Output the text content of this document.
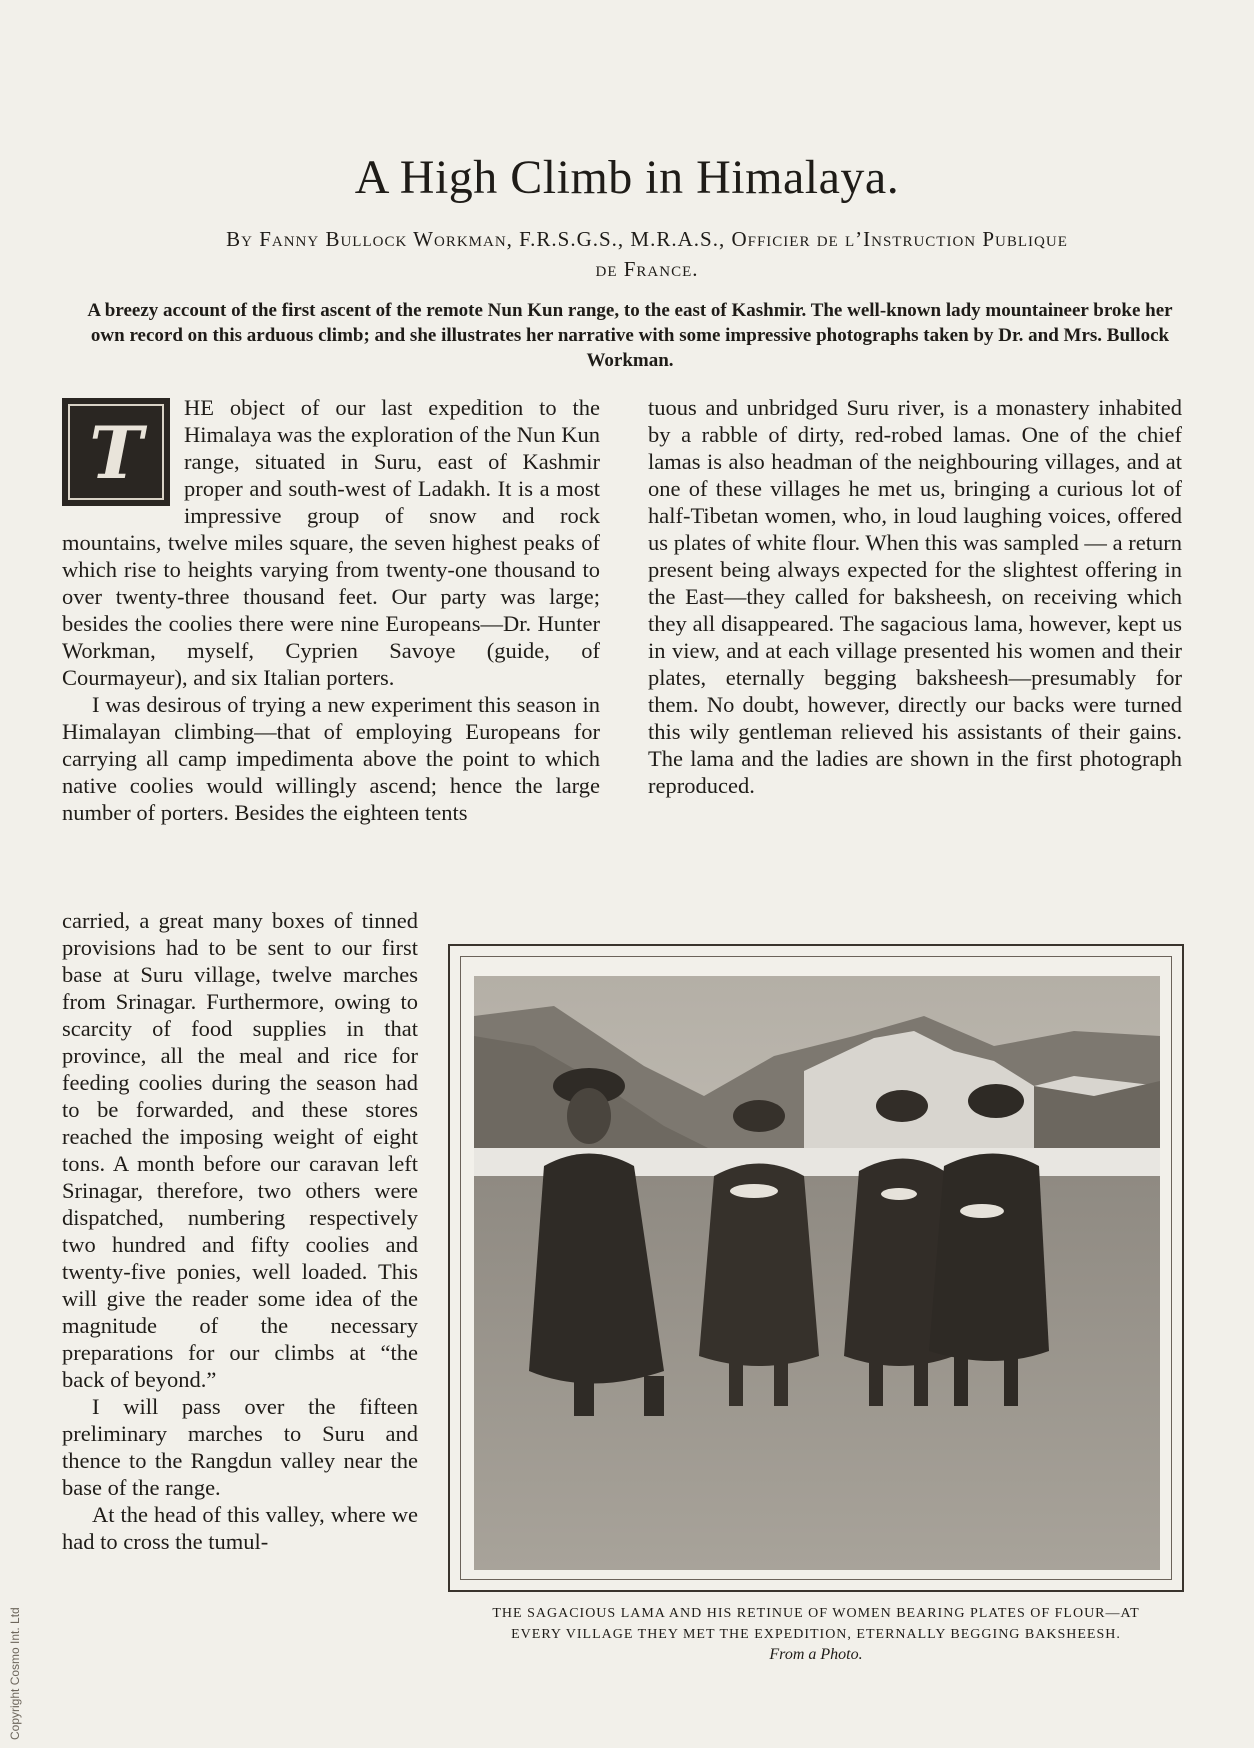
A High Climb in Himalaya.
By Fanny Bullock Workman, F.R.S.G.S., M.R.A.S., Officier de l’Instruction Publique
de France.
A breezy account of the first ascent of the remote Nun Kun range, to the east of Kashmir. The well-known lady mountaineer broke her own record on this arduous climb; and she illustrates her narrative with some impressive photographs taken by Dr. and Mrs. Bullock Workman.
T

HE object of our last expedition to the Himalaya was the exploration of the Nun Kun range, situated in Suru, east of Kashmir proper and south-west of Ladakh. It is a most impressive group of snow and rock mountains, twelve miles square, the seven highest peaks of which rise to heights varying from twenty-one thousand to over twenty-three thousand feet. Our party was large; besides the coolies there were nine Europeans—Dr. Hunter Workman, myself, Cyprien Savoye (guide, of Courmayeur), and six Italian porters.

I was desirous of trying a new experiment this season in Himalayan climbing—that of employing Europeans for carrying all camp impedimenta above the point to which native coolies would willingly ascend; hence the large number of porters. Besides the eighteen tents

carried, a great many boxes of tinned provisions had to be sent to our first base at Suru village, twelve marches from Srinagar. Furthermore, owing to scarcity of food supplies in that province, all the meal and rice for feeding coolies during the season had to be forwarded, and these stores reached the imposing weight of eight tons. A month before our caravan left Srinagar, therefore, two others were dispatched, numbering respectively two hundred and fifty coolies and twenty-five ponies, well loaded. This will give the reader some idea of the magnitude of the necessary preparations for our climbs at “the back of beyond.”

I will pass over the fifteen preliminary marches to Suru and thence to the Rangdun valley near the base of the range.

At the head of this valley, where we had to cross the tumul-

tuous and unbridged Suru river, is a monastery inhabited by a rabble of dirty, red-robed lamas. One of the chief lamas is also headman of the neighbouring villages, and at one of these villages he met us, bringing a curious lot of half-Tibetan women, who, in loud laughing voices, offered us plates of white flour. When this was sampled — a return present being always expected for the slightest offering in the East—they called for baksheesh, on receiving which they all disappeared. The sagacious lama, however, kept us in view, and at each village presented his women and their plates, eternally begging baksheesh—presumably for them. No doubt, however, directly our backs were turned this wily gentleman relieved his assistants of their gains. The lama and the ladies are shown in the first photograph reproduced.

THE SAGACIOUS LAMA AND HIS RETINUE OF WOMEN BEARING PLATES OF FLOUR—AT
EVERY VILLAGE THEY MET THE EXPEDITION, ETERNALLY BEGGING BAKSHEESH.
From a Photo.
Copyright Cosmo Int. Ltd
